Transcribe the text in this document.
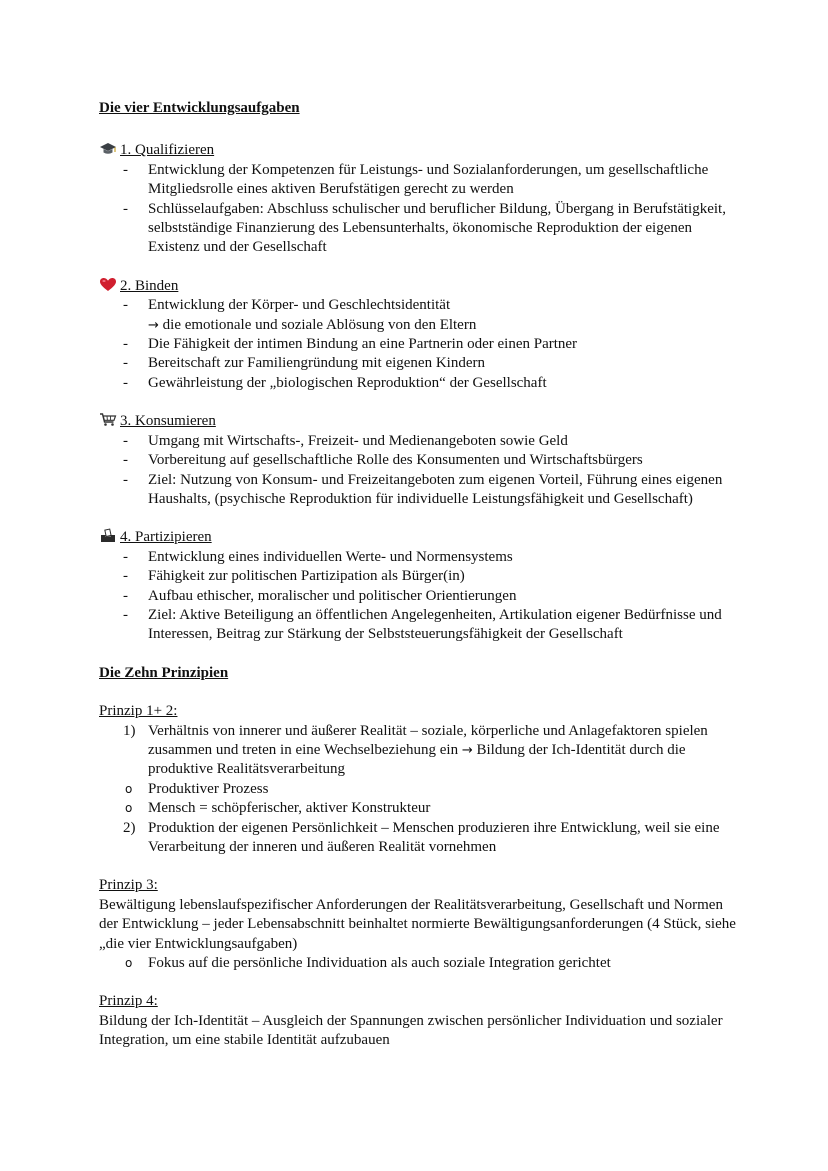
Die vier Entwicklungsaufgaben
1. Qualifizieren
- Entwicklung der Kompetenzen für Leistungs- und Sozialanforderungen, um gesellschaftliche Mitgliedsrolle eines aktiven Berufstätigen gerecht zu werden
- Schlüsselaufgaben: Abschluss schulischer und beruflicher Bildung, Übergang in Berufstätigkeit, selbstständige Finanzierung des Lebensunterhalts, ökonomische Reproduktion der eigenen Existenz und der Gesellschaft
2. Binden
- Entwicklung der Körper- und Geschlechtsidentität
→ die emotionale und soziale Ablösung von den Eltern
- Die Fähigkeit der intimen Bindung an eine Partnerin oder einen Partner
- Bereitschaft zur Familiengründung mit eigenen Kindern
- Gewährleistung der „biologischen Reproduktion“ der Gesellschaft
3. Konsumieren
- Umgang mit Wirtschafts-, Freizeit- und Medienangeboten sowie Geld
- Vorbereitung auf gesellschaftliche Rolle des Konsumenten und Wirtschaftsbürgers
- Ziel: Nutzung von Konsum- und Freizeitangeboten zum eigenen Vorteil, Führung eines eigenen Haushalts, (psychische Reproduktion für individuelle Leistungsfähigkeit und Gesellschaft)
4. Partizipieren
- Entwicklung eines individuellen Werte- und Normensystems
- Fähigkeit zur politischen Partizipation als Bürger(in)
- Aufbau ethischer, moralischer und politischer Orientierungen
- Ziel: Aktive Beteiligung an öffentlichen Angelegenheiten, Artikulation eigener Bedürfnisse und Interessen, Beitrag zur Stärkung der Selbststeuerungsfähigkeit der Gesellschaft
Die Zehn Prinzipien
Prinzip 1+ 2:
1) Verhältnis von innerer und äußerer Realität – soziale, körperliche und Anlagefaktoren spielen zusammen und treten in eine Wechselbeziehung ein → Bildung der Ich-Identität durch die produktive Realitätsverarbeitung
o Produktiver Prozess
o Mensch = schöpferischer, aktiver Konstrukteur
2) Produktion der eigenen Persönlichkeit – Menschen produzieren ihre Entwicklung, weil sie eine Verarbeitung der inneren und äußeren Realität vornehmen
Prinzip 3:

Bewältigung lebenslaufspezifischer Anforderungen der Realitätsverarbeitung, Gesellschaft und Normen der Entwicklung – jeder Lebensabschnitt beinhaltet normierte Bewältigungsanforderungen (4 Stück, siehe „die vier Entwicklungsaufgaben)

o Fokus auf die persönliche Individuation als auch soziale Integration gerichtet
Prinzip 4:

Bildung der Ich-Identität – Ausgleich der Spannungen zwischen persönlicher Individuation und sozialer Integration, um eine stabile Identität aufzubauen
